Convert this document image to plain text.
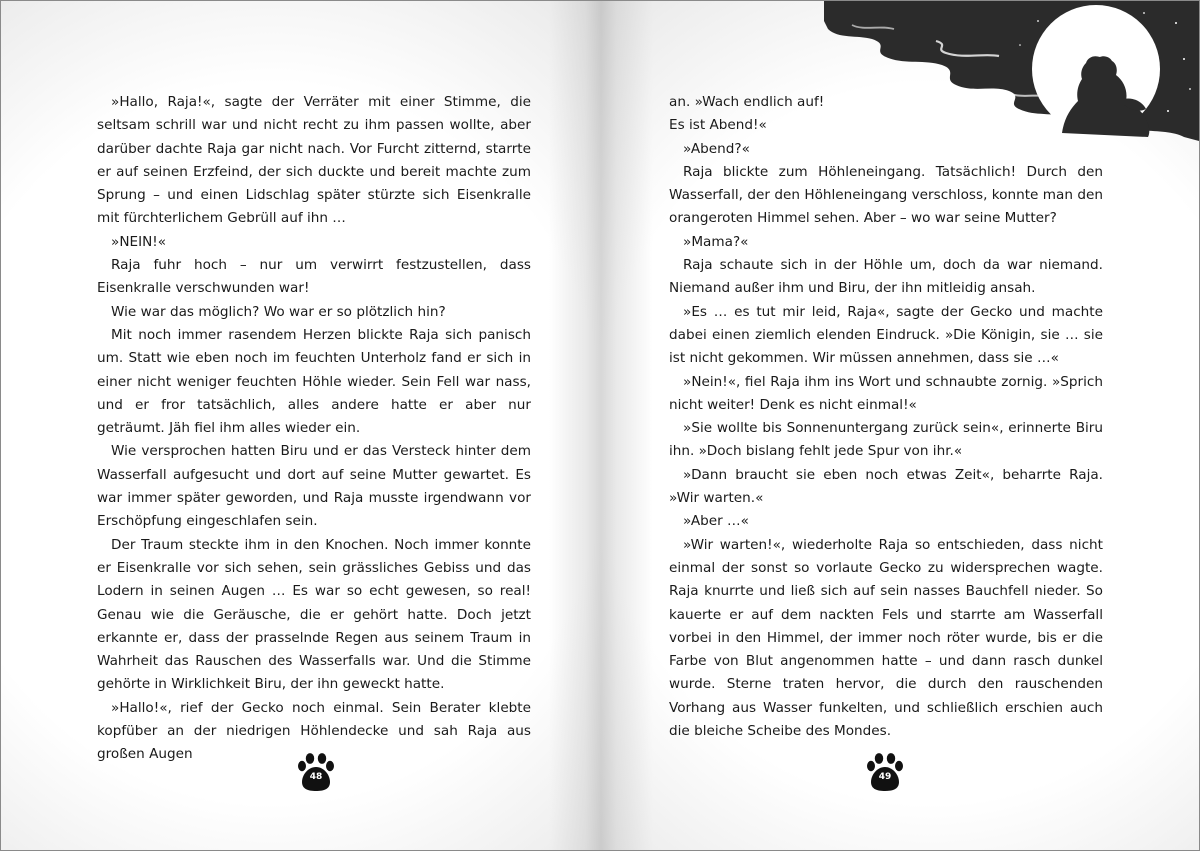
»Hallo, Raja!«, sagte der Verräter mit einer Stimme, die seltsam schrill war und nicht recht zu ihm passen wollte, aber darüber dachte Raja gar nicht nach. Vor Furcht zitternd, starrte er auf seinen Erzfeind, der sich duckte und bereit machte zum Sprung – und einen Lidschlag später stürzte sich Eisenkralle mit fürchterlichem Gebrüll auf ihn …

»NEIN!«

Raja fuhr hoch – nur um verwirrt festzustellen, dass Eisenkralle verschwunden war!

Wie war das möglich? Wo war er so plötzlich hin?

Mit noch immer rasendem Herzen blickte Raja sich panisch um. Statt wie eben noch im feuchten Unterholz fand er sich in einer nicht weniger feuchten Höhle wieder. Sein Fell war nass, und er fror tatsächlich, alles andere hatte er aber nur geträumt. Jäh fiel ihm alles wieder ein.

Wie versprochen hatten Biru und er das Versteck hinter dem Wasserfall aufgesucht und dort auf seine Mutter gewartet. Es war immer später geworden, und Raja musste irgendwann vor Erschöpfung eingeschlafen sein.

Der Traum steckte ihm in den Knochen. Noch immer konnte er Eisenkralle vor sich sehen, sein grässliches Gebiss und das Lodern in seinen Augen … Es war so echt gewesen, so real! Genau wie die Geräusche, die er gehört hatte. Doch jetzt erkannte er, dass der prasselnde Regen aus seinem Traum in Wahrheit das Rauschen des Wasserfalls war. Und die Stimme gehörte in Wirklichkeit Biru, der ihn geweckt hatte.

»Hallo!«, rief der Gecko noch einmal. Sein Berater klebte kopfüber an der niedrigen Höhlendecke und sah Raja aus großen Augen

an. »Wach endlich auf!

Es ist Abend!«

»Abend?«

Raja blickte zum Höhleneingang. Tatsächlich! Durch den Wasserfall, der den Höhleneingang verschloss, konnte man den orangeroten Himmel sehen. Aber – wo war seine Mutter?

»Mama?«

Raja schaute sich in der Höhle um, doch da war niemand. Niemand außer ihm und Biru, der ihn mitleidig ansah.

»Es … es tut mir leid, Raja«, sagte der Gecko und machte dabei einen ziemlich elenden Eindruck. »Die Königin, sie … sie ist nicht gekommen. Wir müssen annehmen, dass sie …«

»Nein!«, fiel Raja ihm ins Wort und schnaubte zornig. »Sprich nicht weiter! Denk es nicht einmal!«

»Sie wollte bis Sonnenuntergang zurück sein«, erinnerte Biru ihn. »Doch bislang fehlt jede Spur von ihr.«

»Dann braucht sie eben noch etwas Zeit«, beharrte Raja. »Wir warten.«

»Aber …«

»Wir warten!«, wiederholte Raja so entschieden, dass nicht einmal der sonst so vorlaute Gecko zu widersprechen wagte. Raja knurrte und ließ sich auf sein nasses Bauchfell nieder. So kauerte er auf dem nackten Fels und starrte am Wasserfall vorbei in den Himmel, der immer noch röter wurde, bis er die Farbe von Blut angenommen hatte – und dann rasch dunkel wurde. Sterne traten hervor, die durch den rauschenden Vorhang aus Wasser funkelten, und schließlich erschien auch die bleiche Scheibe des Mondes.

48	49
